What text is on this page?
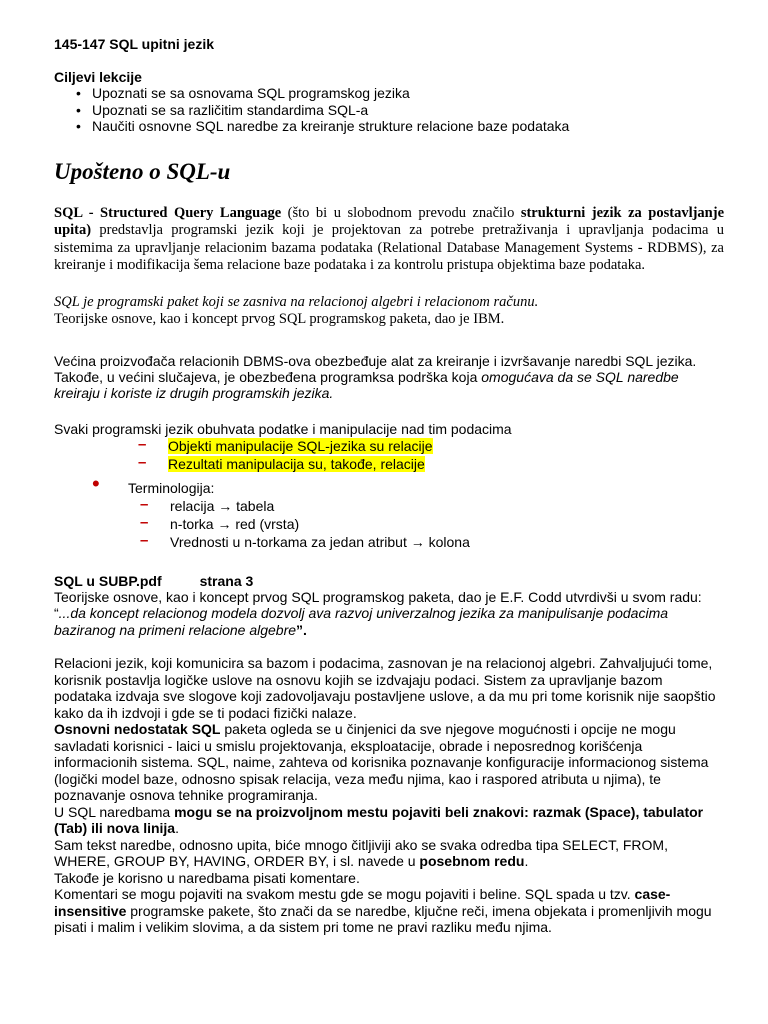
145-147 SQL upitni jezik

Ciljevi lekcije

• Upoznati se sa osnovama SQL programskog jezika
• Upoznati se sa različitim standardima SQL-a
• Naučiti osnovne SQL naredbe za kreiranje strukture relacione baze podataka
Upošteno o SQL-u

SQL - Structured Query Language (što bi u slobodnom prevodu značilo strukturni jezik za postavljanje upita) predstavlja programski jezik koji je projektovan za potrebe pretraživanja i upravljanja podacima u sistemima za upravljanje relacionim bazama podataka (Relational Database Management Systems - RDBMS), za kreiranje i modifikacija šema relacione baze podataka i za kontrolu pristupa objektima baze podataka.

SQL je programski paket koji se zasniva na relacionoj algebri i relacionom računu.

Teorijske osnove, kao i koncept prvog SQL programskog paketa, dao je IBM.

Većina proizvođača relacionih DBMS-ova obezbeđuje alat za kreiranje i izvršavanje naredbi SQL jezika. Takođe, u većini slučajeva, je obezbeđena programksa podrška koja omogućava da se SQL naredbe kreiraju i koriste iz drugih programskih jezika.

Svaki programski jezik obuhvata podatke i manipulacije nad tim podacima

– Objekti manipulacije SQL-jezika su relacije
– Rezultati manipulacija su, takođe, relacije
• Terminologija:
– relacija → tabela
– n-torka → red (vrsta)
– Vrednosti u n-torkama za jedan atribut → kolona

SQL u SUBP.pdf	strana 3

Teorijske osnove, kao i koncept prvog SQL programskog paketa, dao je E.F. Codd utvrdivši u svom radu:

“...da koncept relacionog modela dozvolj ava razvoj univerzalnog jezika za manipulisanje podacima baziranog na primeni relacione algebre”.

Relacioni jezik, koji komunicira sa bazom i podacima, zasnovan je na relacionoj algebri. Zahvaljujući tome, korisnik postavlja logičke uslove na osnovu kojih se izdvajaju podaci. Sistem za upravljanje bazom podataka izdvaja sve slogove koji zadovoljavaju postavljene uslove, a da mu pri tome korisnik nije saopštio kako da ih izdvoji i gde se ti podaci fizički nalaze.

Osnovni nedostatak SQL paketa ogleda se u činjenici da sve njegove mogućnosti i opcije ne mogu savladati korisnici - laici u smislu projektovanja, eksploatacije, obrade i neposrednog korišćenja informacionih sistema. SQL, naime, zahteva od korisnika poznavanje konfiguracije informacionog sistema (logički model baze, odnosno spisak relacija, veza među njima, kao i raspored atributa u njima), te poznavanje osnova tehnike programiranja.

U SQL naredbama mogu se na proizvoljnom mestu pojaviti beli znakovi: razmak (Space), tabulator (Tab) ili nova linija.

Sam tekst naredbe, odnosno upita, biće mnogo čitljiviji ako se svaka odredba tipa SELECT, FROM, WHERE, GROUP BY, HAVING, ORDER BY, i sl. navede u posebnom redu.

Takođe je korisno u naredbama pisati komentare.

Komentari se mogu pojaviti na svakom mestu gde se mogu pojaviti i beline. SQL spada u tzv. case-insensitive programske pakete, što znači da se naredbe, ključne reči, imena objekata i promenljivih mogu pisati i malim i velikim slovima, a da sistem pri tome ne pravi razliku među njima.
